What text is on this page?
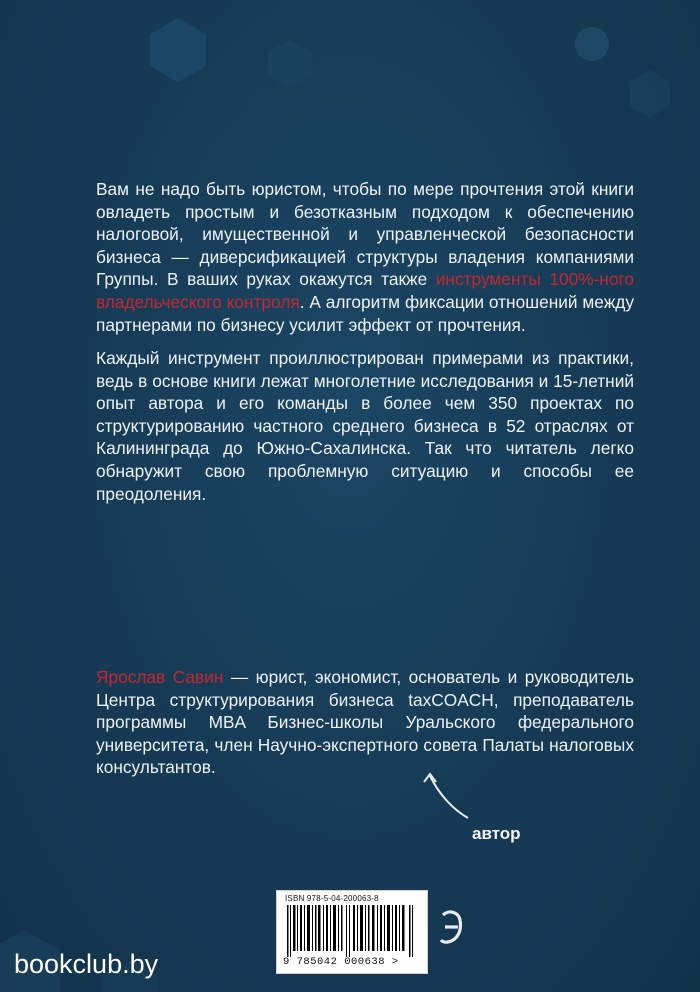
Вам не надо быть юристом, чтобы по мере прочтения этой книги овладеть простым и безотказным подходом к обеспечению налоговой, имущественной и управленческой безопасности бизнеса — диверсификацией структуры владения компаниями Группы. В ваших руках окажутся также инструменты 100%-ного владельческого контроля. А алгоритм фиксации отношений между партнерами по бизнесу усилит эффект от прочтения.

Каждый инструмент проиллюстрирован примерами из практики, ведь в основе книги лежат многолетние исследования и 15-летний опыт автора и его команды в более чем 350 проектах по структурированию частного среднего бизнеса в 52 отраслях от Калининграда до Южно-Сахалинска. Так что читатель легко обнаружит свою проблемную ситуацию и способы ее преодоления.

Ярослав Савин — юрист, экономист, основатель и руководитель Центра структурирования бизнеса taxCOACH, преподаватель программы MBA Бизнес-школы Уральского федерального университета, член Научно-экспертного совета Палаты налоговых консультантов.

автор
ISBN 978-5-04-200063-8
9 785042 000638 >
bookclub.by
